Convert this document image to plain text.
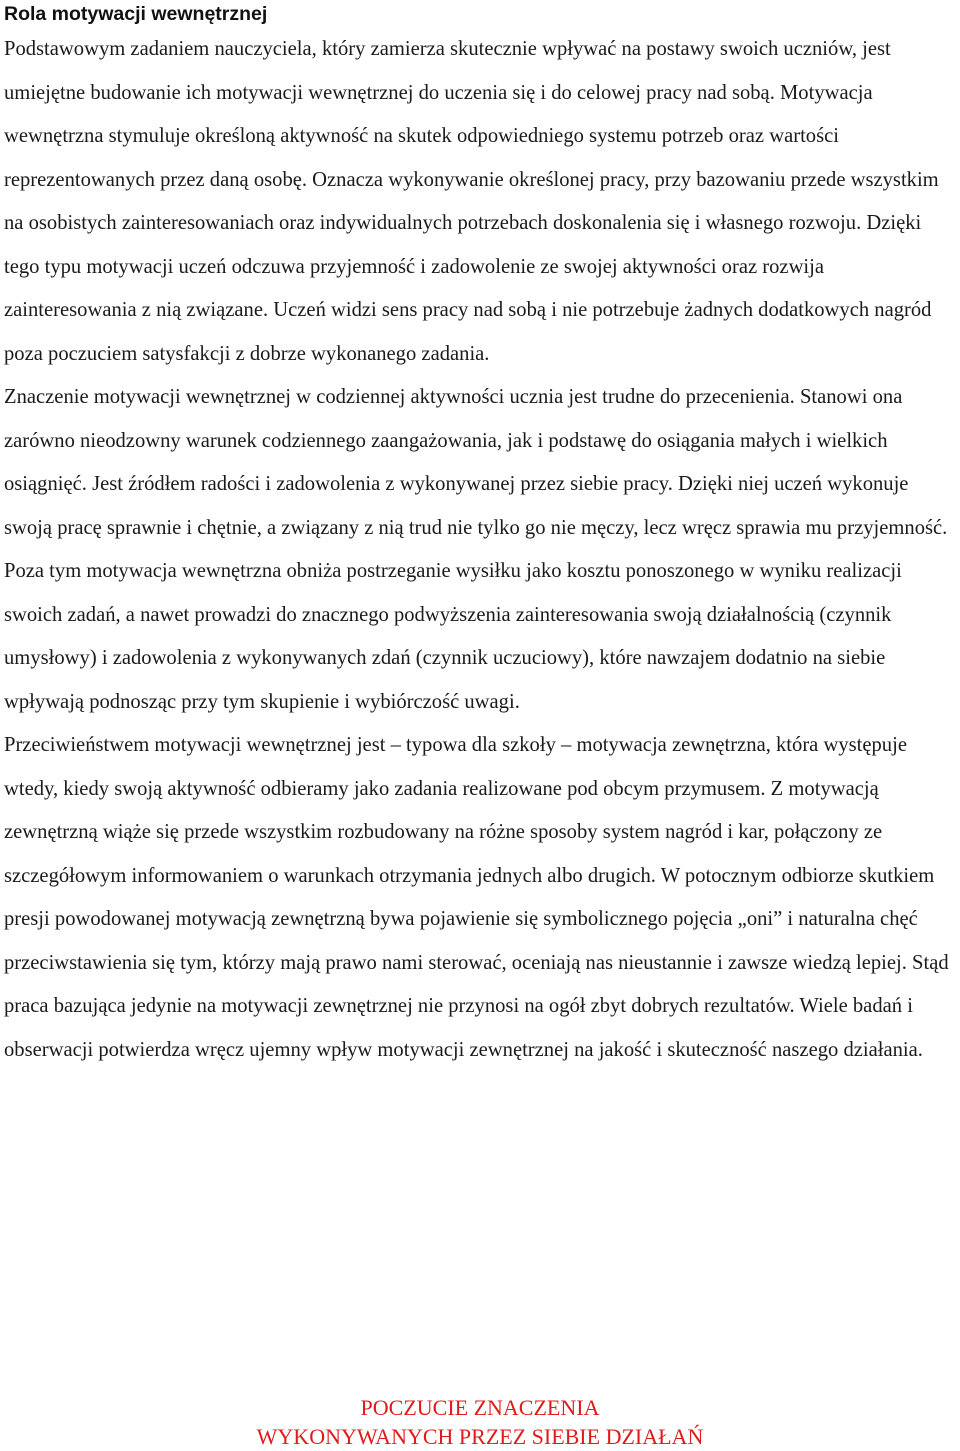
Rola motywacji wewnętrznej

Podstawowym zadaniem nauczyciela, który zamierza skutecznie wpływać na postawy swoich uczniów, jest umiejętne budowanie ich motywacji wewnętrznej do uczenia się i do celowej pracy nad sobą. Motywacja wewnętrzna stymuluje określoną aktywność na skutek odpowiedniego systemu potrzeb oraz wartości reprezentowanych przez daną osobę. Oznacza wykonywanie określonej pracy, przy bazowaniu przede wszystkim na osobistych zainteresowaniach oraz indywidualnych potrzebach doskonalenia się i własnego rozwoju. Dzięki tego typu motywacji uczeń odczuwa przyjemność i zadowolenie ze swojej aktywności oraz rozwija zainteresowania z nią związane. Uczeń widzi sens pracy nad sobą i nie potrzebuje żadnych dodatkowych nagród poza poczuciem satysfakcji z dobrze wykonanego zadania.

Znaczenie motywacji wewnętrznej w codziennej aktywności ucznia jest trudne do przecenienia. Stanowi ona zarówno nieodzowny warunek codziennego zaangażowania, jak i podstawę do osiągania małych i wielkich osiągnięć. Jest źródłem radości i zadowolenia z wykonywanej przez siebie pracy. Dzięki niej uczeń wykonuje swoją pracę sprawnie i chętnie, a związany z nią trud nie tylko go nie męczy, lecz wręcz sprawia mu przyjemność. Poza tym motywacja wewnętrzna obniża postrzeganie wysiłku jako kosztu ponoszonego w wyniku realizacji swoich zadań, a nawet prowadzi do znacznego podwyższenia zainteresowania swoją działalnością (czynnik umysłowy) i zadowolenia z wykonywanych zdań (czynnik uczuciowy), które nawzajem dodatnio na siebie wpływają podnosząc przy tym skupienie i wybiórczość uwagi.

Przeciwieństwem motywacji wewnętrznej jest – typowa dla szkoły – motywacja zewnętrzna, która występuje wtedy, kiedy swoją aktywność odbieramy jako zadania realizowane pod obcym przymusem. Z motywacją zewnętrzną wiąże się przede wszystkim rozbudowany na różne sposoby system nagród i kar, połączony ze szczegółowym informowaniem o warunkach otrzymania jednych albo drugich. W potocznym odbiorze skutkiem presji powodowanej motywacją zewnętrzną bywa pojawienie się symbolicznego pojęcia „oni” i naturalna chęć przeciwstawienia się tym, którzy mają prawo nami sterować, oceniają nas nieustannie i zawsze wiedzą lepiej. Stąd praca bazująca jedynie na motywacji zewnętrznej nie przynosi na ogół zbyt dobrych rezultatów. Wiele badań i obserwacji potwierdza wręcz ujemny wpływ motywacji zewnętrznej na jakość i skuteczność naszego działania.

POCZUCIE ZNACZENIA
WYKONYWANYCH PRZEZ SIEBIE DZIAŁAŃ
